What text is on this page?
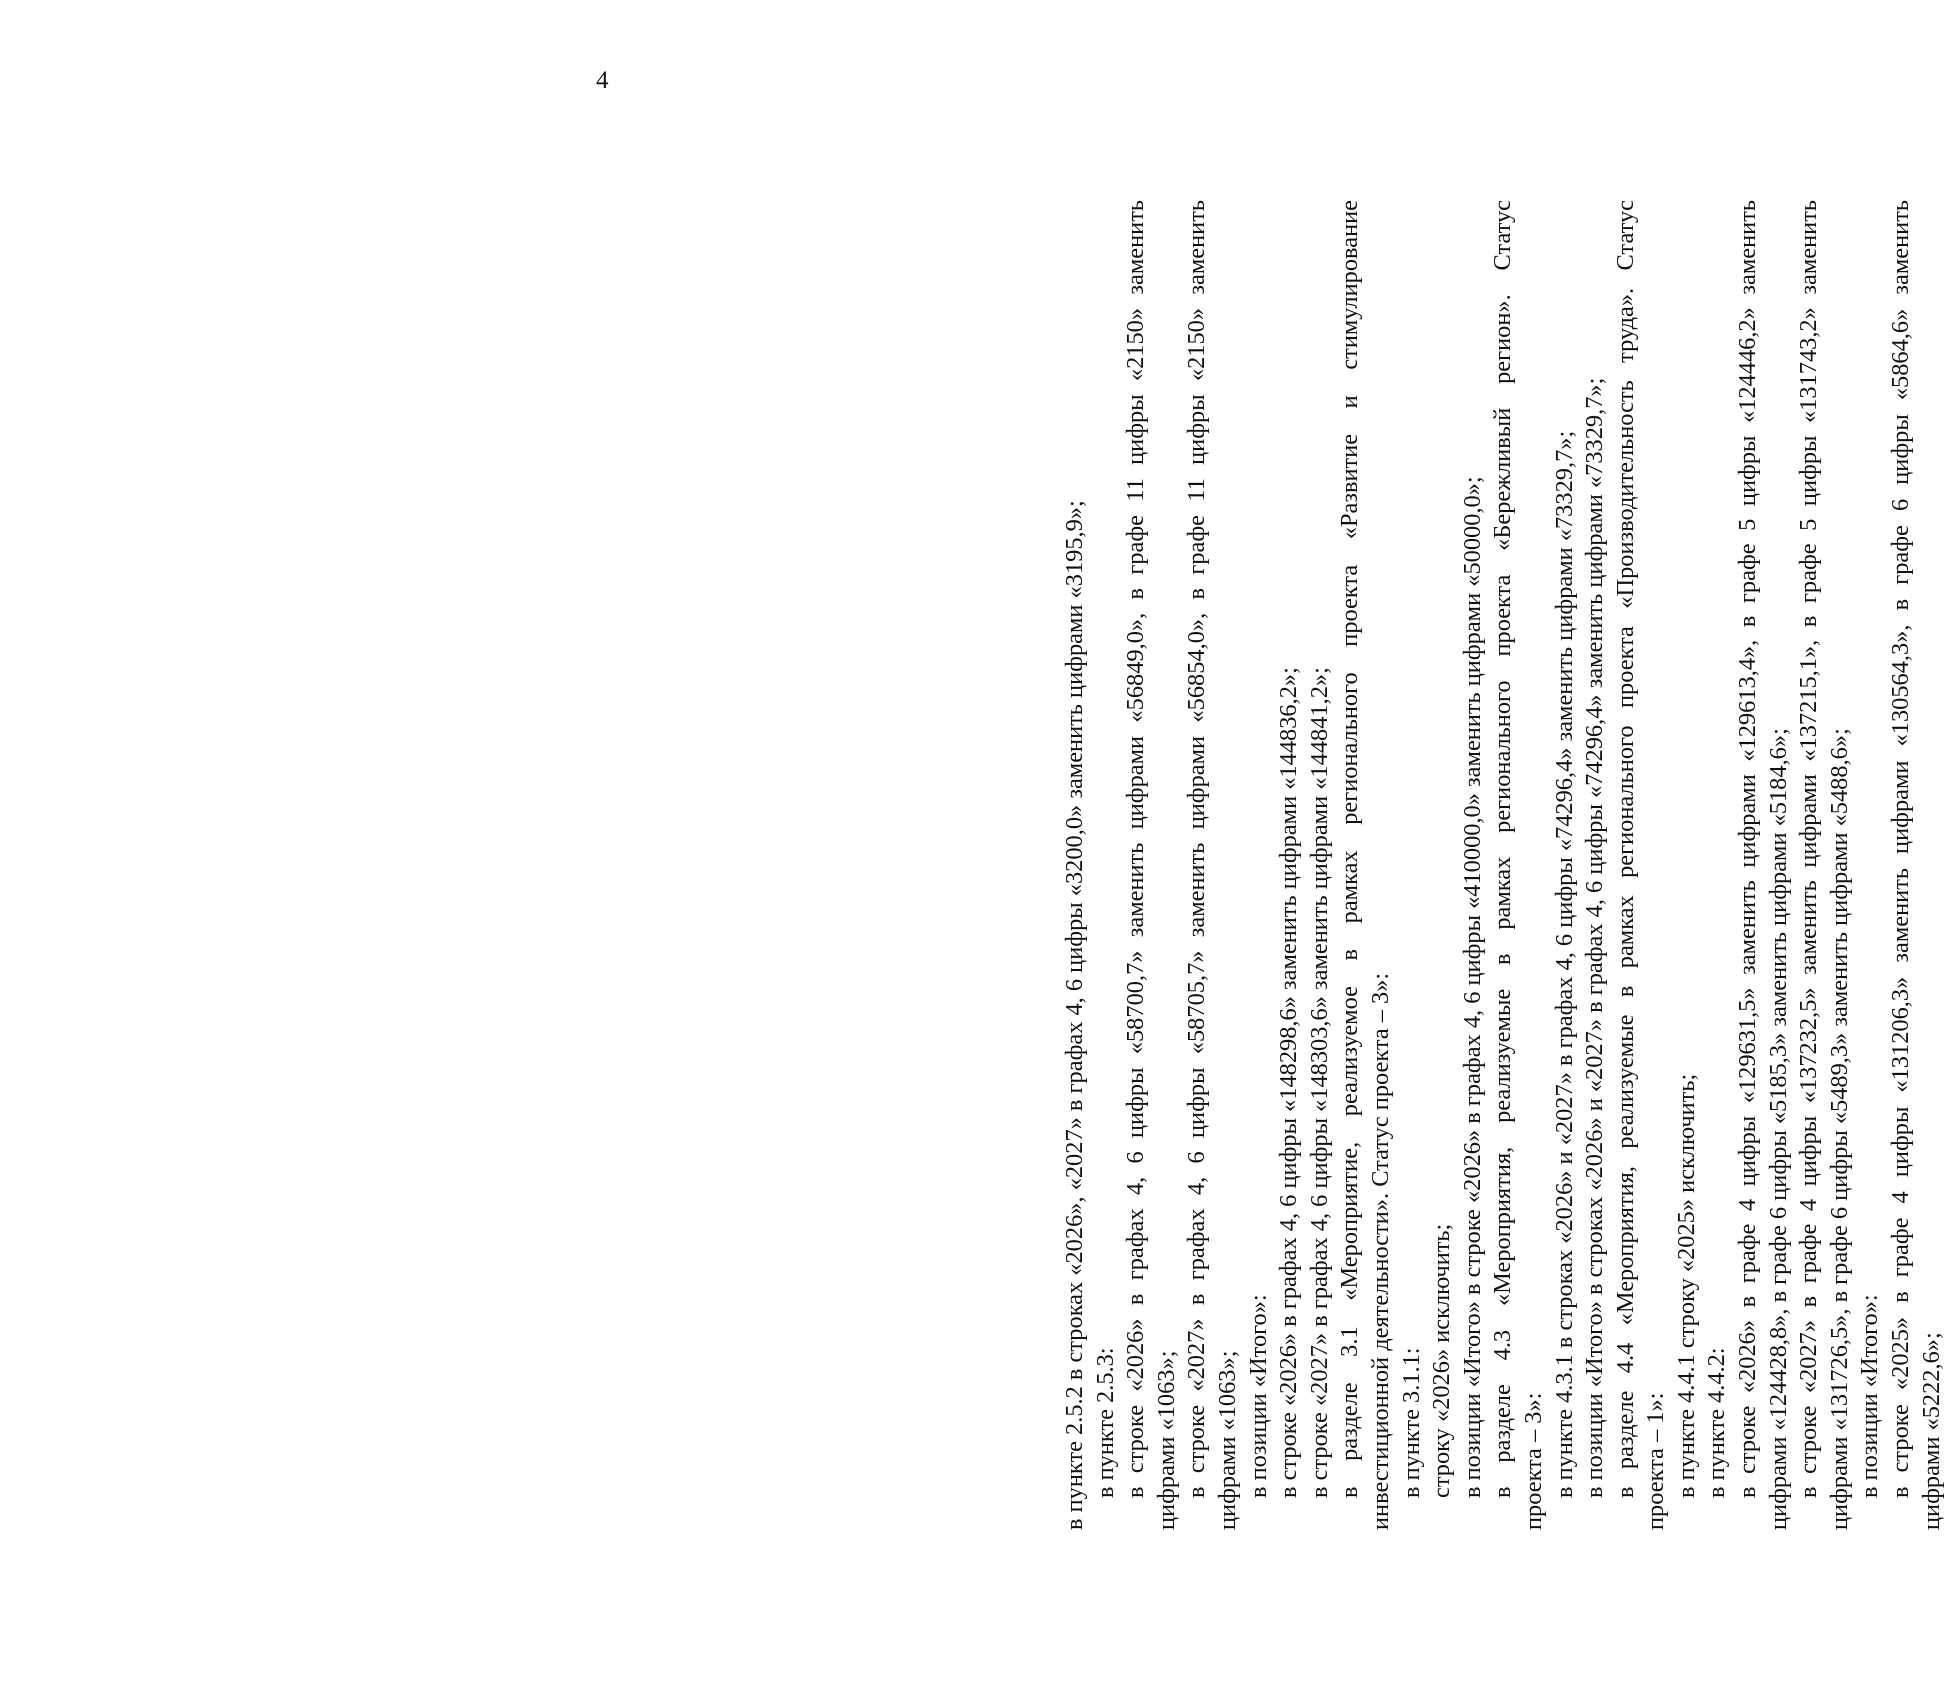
4
в пункте 2.5.2 в строках «2026», «2027» в графах 4, 6 цифры «3200,0» заменить цифрами «3195,9»; в пункте 2.5.3: в строке «2026» в графах 4, 6 цифры «58700,7» заменить цифрами «56849,0», в графе 11 цифры «2150» заменить цифрами «1063»; в строке «2027» в графах 4, 6 цифры «58705,7» заменить цифрами «56854,0», в графе 11 цифры «2150» заменить цифрами «1063»; в позиции «Итого»: в строке «2026» в графах 4, 6 цифры «148298,6» заменить цифрами «144836,2»; в строке «2027» в графах 4, 6 цифры «148303,6» заменить цифрами «144841,2»; в разделе 3.1 «Мероприятие, реализуемое в рамках регионального проекта «Развитие и стимулирование инвестиционной деятельности». Статус проекта – 3»: в пункте 3.1.1: строку «2026» исключить; в позиции «Итого» в строке «2026» в графах 4, 6 цифры «410000,0» заменить цифрами «50000,0»; в разделе 4.3 «Мероприятия, реализуемые в рамках регионального проекта «Бережливый регион». Статус проекта – 3»: в пункте 4.3.1 в строках «2026» и «2027» в графах 4, 6 цифры «74296,4» заменить цифрами «73329,7»; в позиции «Итого» в строках «2026» и «2027» в графах 4, 6 цифры «74296,4» заменить цифрами «73329,7»; в разделе 4.4 «Мероприятия, реализуемые в рамках регионального проекта «Производительность труда». Статус проекта – 1»: в пункте 4.4.1 строку «2025» исключить; в пункте 4.4.2: в строке «2026» в графе 4 цифры «129631,5» заменить цифрами «129613,4», в графе 5 цифры «124446,2» заменить цифрами «124428,8», в графе 6 цифры «5185,3» заменить цифрами «5184,6»; в строке «2027» в графе 4 цифры «137232,5» заменить цифрами «137215,1», в графе 5 цифры «131743,2» заменить цифрами «131726,5», в графе 6 цифры «5489,3» заменить цифрами «5488,6»; в позиции «Итого»: в строке «2025» в графе 4 цифры «131206,3» заменить цифрами «130564,3», в графе 6 цифры «5864,6» заменить цифрами «5222,6»;
